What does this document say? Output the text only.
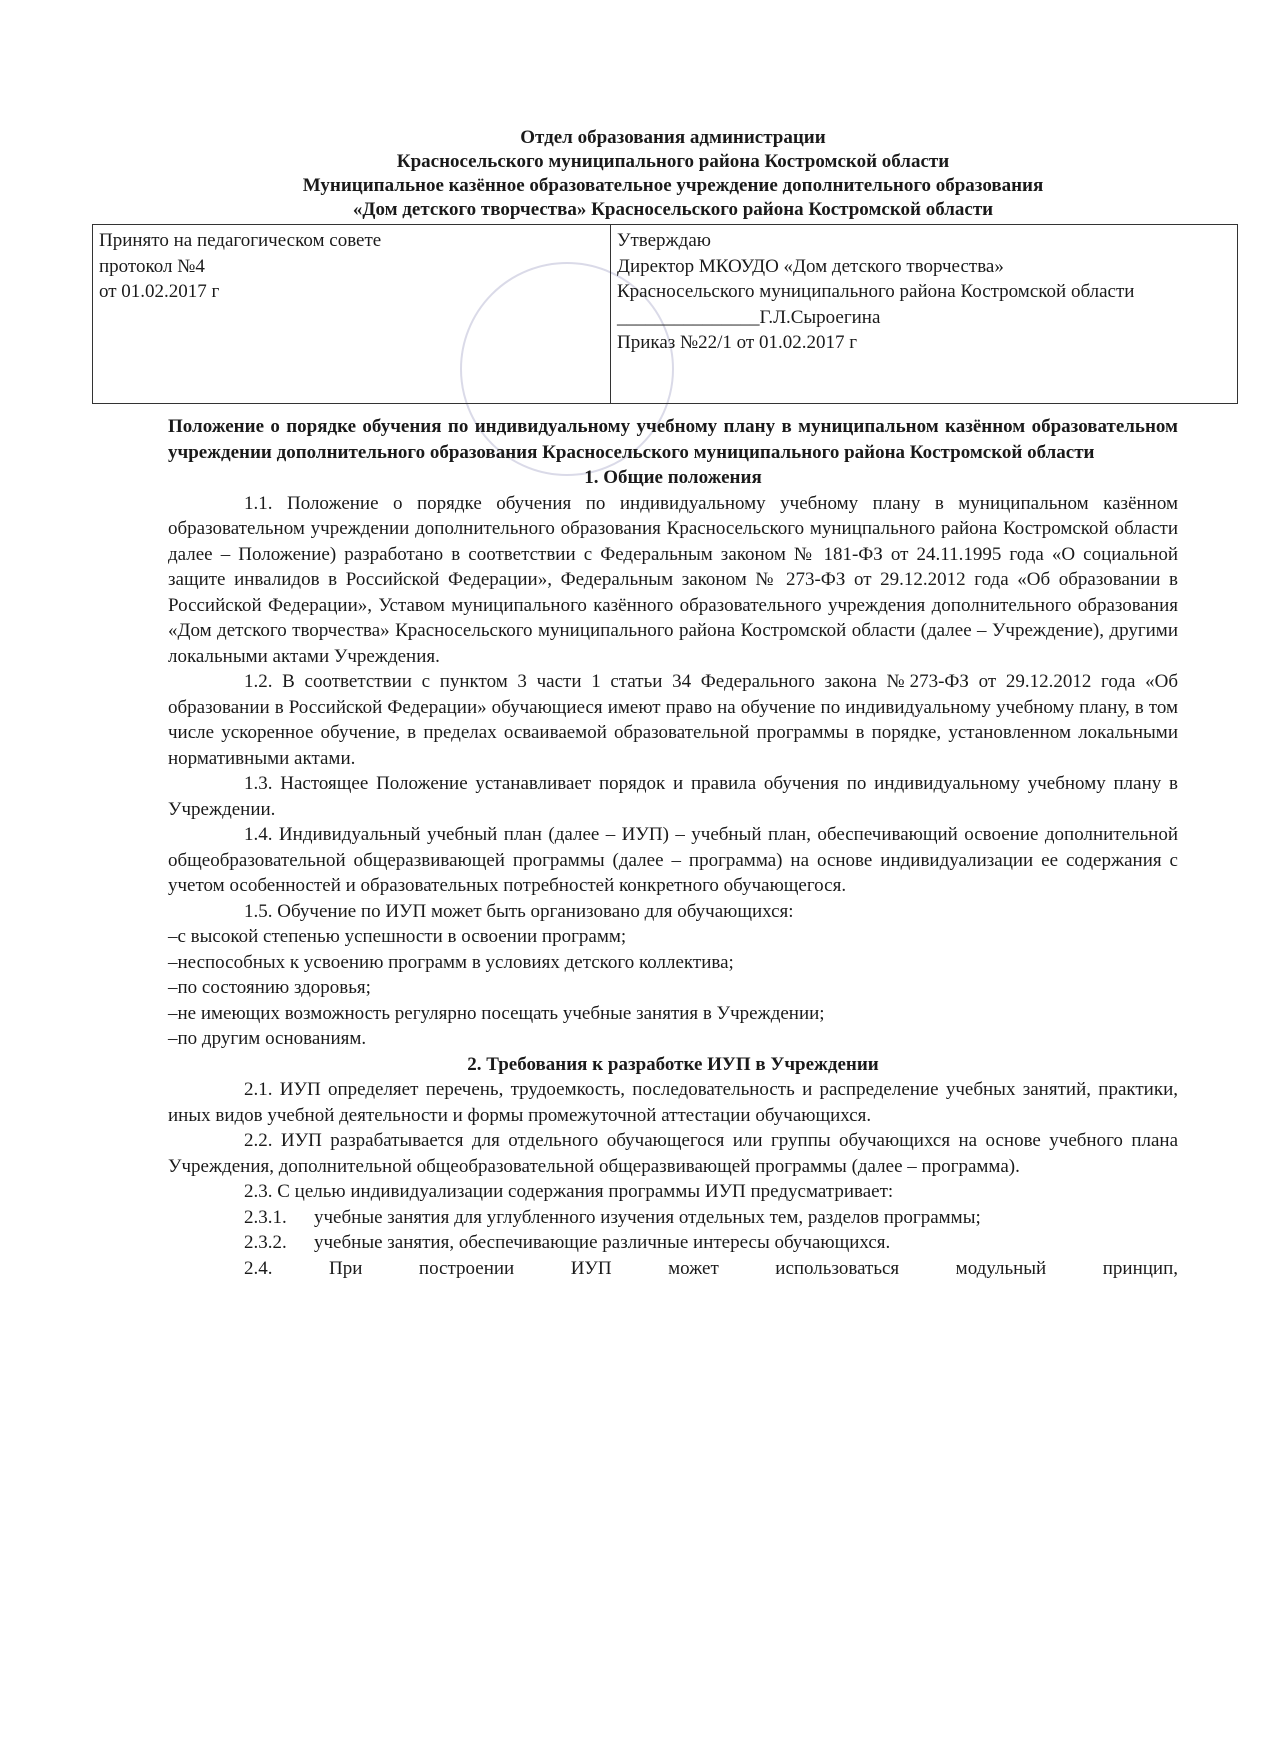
Отдел образования администрации
Красносельского муниципального района Костромской области
Муниципальное казённое образовательное учреждение дополнительного образования
«Дом детского творчества» Красносельского района Костромской области
Принято на педагогическом совете
протокол №4
от 01.02.2017 г
Утверждаю
Директор МКОУДО «Дом детского творчества»
Красносельского муниципального района Костромской области
_______________Г.Л.Сыроегина
Приказ №22/1 от 01.02.2017 г
Положение о порядке обучения по индивидуальному учебному плану в муниципальном казённом образовательном учреждении дополнительного образования Красносельского муниципального района Костромской области
1. Общие положения

1.1. Положение о порядке обучения по индивидуальному учебному плану в муниципальном казённом образовательном учреждении дополнительного образования Красносельского муницпального района Костромской области далее – Положение) разработано в соответствии с Федеральным законом № 181-ФЗ от 24.11.1995 года «О социальной защите инвалидов в Российской Федерации», Федеральным законом № 273-ФЗ от 29.12.2012 года «Об образовании в Российской Федерации», Уставом муниципального казённого образовательного учреждения дополнительного образования «Дом детского творчества» Красносельского муниципального района Костромской области (далее – Учреждение), другими локальными актами Учреждения.

1.2. В соответствии с пунктом 3 части 1 статьи 34 Федерального закона №273-ФЗ от 29.12.2012 года «Об образовании в Российской Федерации» обучающиеся имеют право на обучение по индивидуальному учебному плану, в том числе ускоренное обучение, в пределах осваиваемой образовательной программы в порядке, установленном локальными нормативными актами.

1.3. Настоящее Положение устанавливает порядок и правила обучения по индивидуальному учебному плану в Учреждении.

1.4. Индивидуальный учебный план (далее – ИУП) – учебный план, обеспечивающий освоение дополнительной общеобразовательной общеразвивающей программы (далее – программа) на основе индивидуализации ее содержания с учетом особенностей и образовательных потребностей конкретного обучающегося.

1.5. Обучение по ИУП может быть организовано для обучающихся:

–с высокой степенью успешности в освоении программ;
–неспособных к усвоению программ в условиях детского коллектива;
–по состоянию здоровья;
–не имеющих возможность регулярно посещать учебные занятия в Учреждении;
–по другим основаниям.
2. Требования к разработке ИУП в Учреждении

2.1. ИУП определяет перечень, трудоемкость, последовательность и распределение учебных занятий, практики, иных видов учебной деятельности и формы промежуточной аттестации обучающихся.

2.2. ИУП разрабатывается для отдельного обучающегося или группы обучающихся на основе учебного плана Учреждения, дополнительной общеобразовательной общеразвивающей программы (далее – программа).

2.3. С целью индивидуализации содержания программы ИУП предусматривает:

2.3.1. учебные занятия для углубленного изучения отдельных тем, разделов программы;
2.3.2. учебные занятия, обеспечивающие различные интересы обучающихся.

2.4. При построении ИУП может использоваться модульный принцип,
